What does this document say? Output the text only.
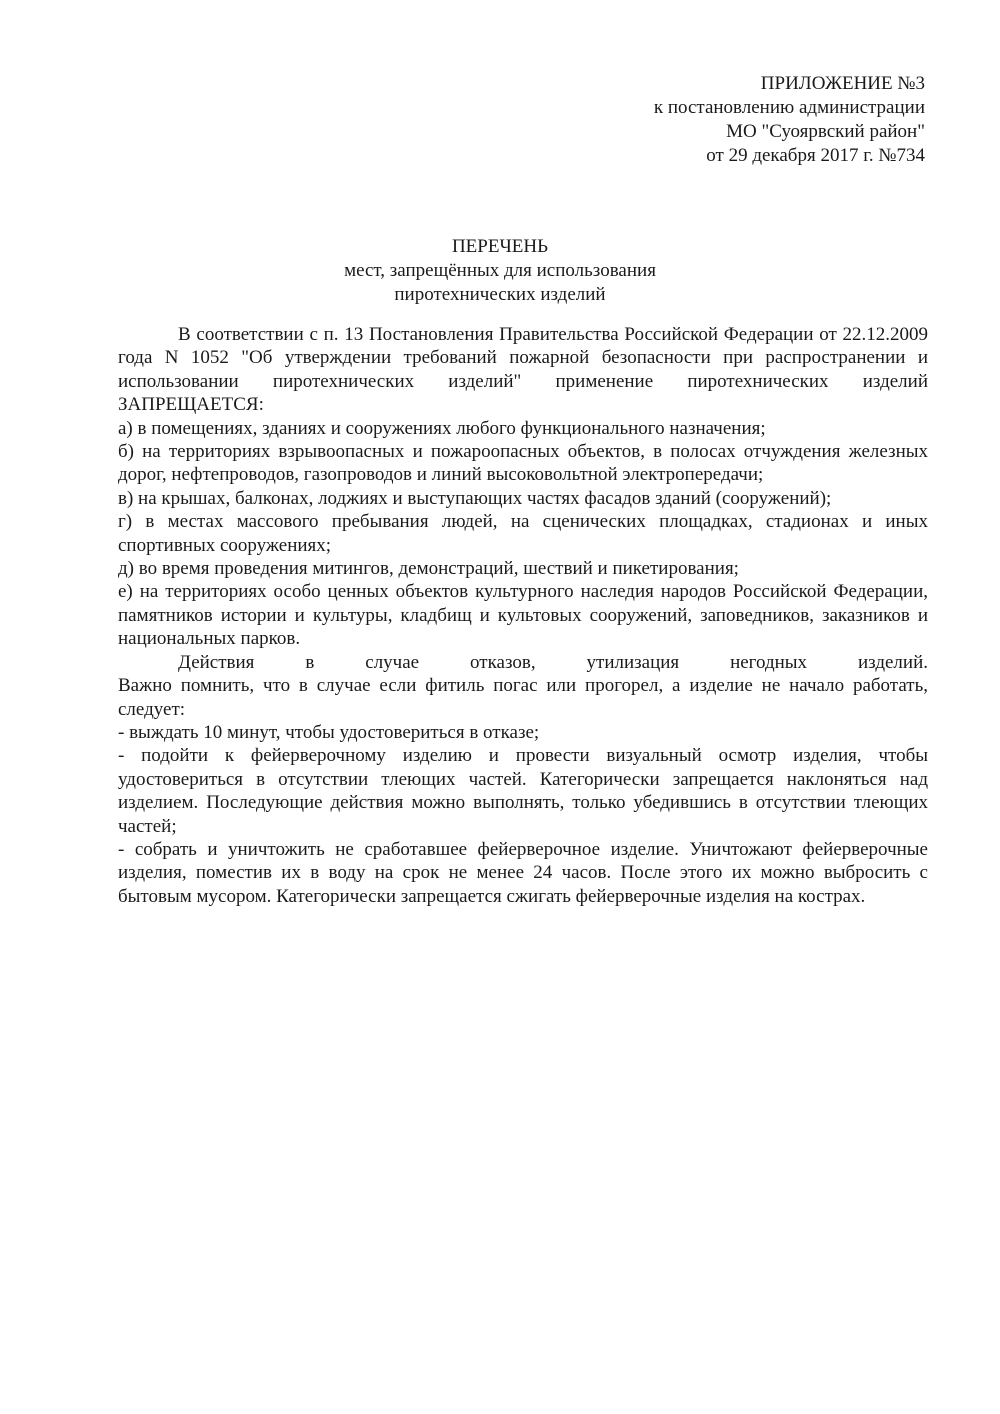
ПРИЛОЖЕНИЕ №3
к постановлению администрации
МО "Суоярвский район"
от 29 декабря 2017 г. №734
ПЕРЕЧЕНЬ
мест, запрещённых для использования
пиротехнических изделий

В соответствии с п. 13 Постановления Правительства Российской Федерации от 22.12.2009 года N 1052 "Об утверждении требований пожарной безопасности при распространении и использовании пиротехнических изделий" применение пиротехнических изделий ЗАПРЕЩАЕТСЯ:

а) в помещениях, зданиях и сооружениях любого функционального назначения;

б) на территориях взрывоопасных и пожароопасных объектов, в полосах отчуждения железных дорог, нефтепроводов, газопроводов и линий высоковольтной электропередачи;

в) на крышах, балконах, лоджиях и выступающих частях фасадов зданий (сооружений);

г) в местах массового пребывания людей, на сценических площадках, стадионах и иных спортивных сооружениях;

д) во время проведения митингов, демонстраций, шествий и пикетирования;

е) на территориях особо ценных объектов культурного наследия народов Российской Федерации, памятников истории и культуры, кладбищ и культовых сооружений, заповедников, заказников и национальных парков.

Действия в случае отказов, утилизация негодных изделий.
Важно помнить, что в случае если фитиль погас или прогорел, а изделие не начало работать, следует:

- выждать 10 минут, чтобы удостовериться в отказе;

- подойти к фейерверочному изделию и провести визуальный осмотр изделия, чтобы удостовериться в отсутствии тлеющих частей. Категорически запрещается наклоняться над изделием. Последующие действия можно выполнять, только убедившись в отсутствии тлеющих частей;

- собрать и уничтожить не сработавшее фейерверочное изделие. Уничтожают фейерверочные изделия, поместив их в воду на срок не менее 24 часов. После этого их можно выбросить с бытовым мусором. Категорически запрещается сжигать фейерверочные изделия на кострах.
